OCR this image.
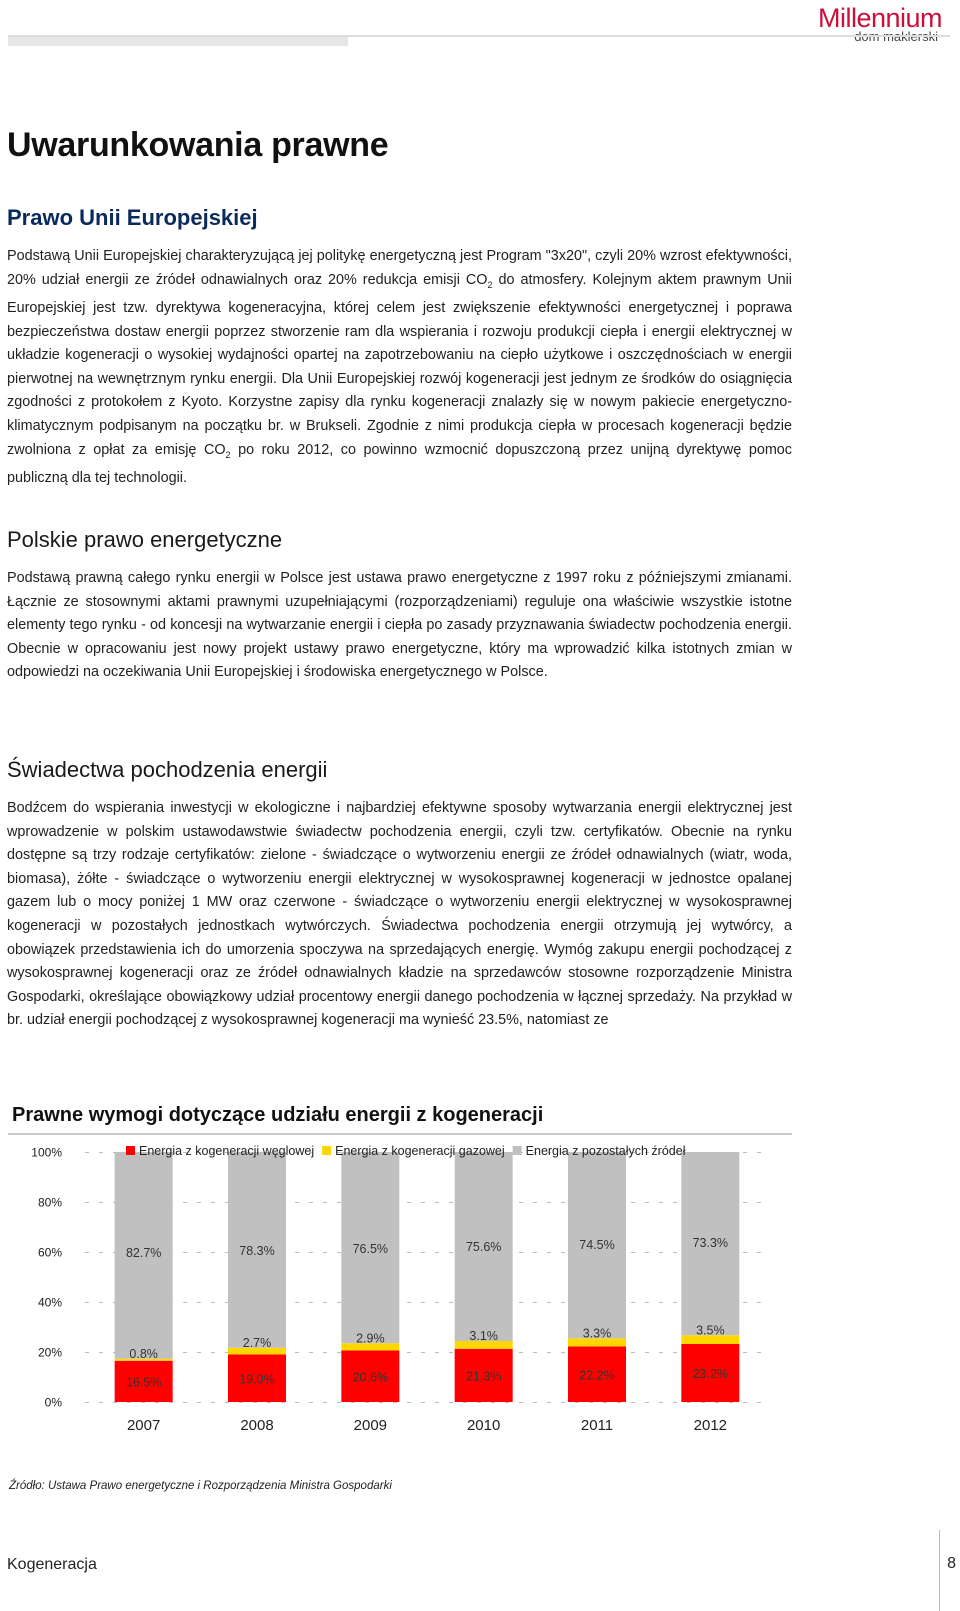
Millennium
Uwarunkowania prawne
Prawo Unii Europejskiej

Podstawą Unii Europejskiej charakteryzującą jej politykę energetyczną jest Program "3x20", czyli 20% wzrost efektywności, 20% udział energii ze źródeł odnawialnych oraz 20% redukcja emisji $CO_2$ do atmosfery. Kolejnym aktem prawnym Unii Europejskiej jest tzw. dyrektywa kogeneracyjna, której celem jest zwiększenie efektywności energetycznej i poprawa bezpieczeństwa dostaw energii poprzez stworzenie ram dla wspierania i rozwoju produkcji ciepła i energii elektrycznej w układzie kogeneracji o wysokiej wydajności opartej na zapotrzebowaniu na ciepło użytkowe i oszczędnościach w energii pierwotnej na wewnętrznym rynku energii. Dla Unii Europejskiej rozwój kogeneracji jest jednym ze środków do osiągnięcia zgodności z protokołem z Kyoto. Korzystne zapisy dla rynku kogeneracji znalazły się w nowym pakiecie energetyczno-klimatycznym podpisanym na początku br. w Brukseli. Zgodnie z nimi produkcja ciepła w procesach kogeneracji będzie zwolniona z opłat za emisję $CO_2$ po roku 2012, co powinno wzmocnić dopuszczoną przez unijną dyrektywę pomoc publiczną dla tej technologii.

Polskie prawo energetyczne

Podstawą prawną całego rynku energii w Polsce jest ustawa prawo energetyczne z 1997 roku z późniejszymi zmianami. Łącznie ze stosownymi aktami prawnymi uzupełniającymi (rozporządzeniami) reguluje ona właściwie wszystkie istotne elementy tego rynku - od koncesji na wytwarzanie energii i ciepła po zasady przyznawania świadectw pochodzenia energii. Obecnie w opracowaniu jest nowy projekt ustawy prawo energetyczne, który ma wprowadzić kilka istotnych zmian w odpowiedzi na oczekiwania Unii Europejskiej i środowiska energetycznego w Polsce.

Świadectwa pochodzenia energii

Bodźcem do wspierania inwestycji w ekologiczne i najbardziej efektywne sposoby wytwarzania energii elektrycznej jest wprowadzenie w polskim ustawodawstwie świadectw pochodzenia energii, czyli tzw. certyfikatów. Obecnie na rynku dostępne są trzy rodzaje certyfikatów: zielone - świadczące o wytworzeniu energii ze źródeł odnawialnych (wiatr, woda, biomasa), żółte - świadczące o wytworzeniu energii elektrycznej w wysokosprawnej kogeneracji w jednostce opalanej gazem lub o mocy poniżej 1 MW oraz czerwone - świadczące o wytworzeniu energii elektrycznej w wysokosprawnej kogeneracji w pozostałych jednostkach wytwórczych. Świadectwa pochodzenia energii otrzymują jej wytwórcy, a obowiązek przedstawienia ich do umorzenia spoczywa na sprzedających energię. Wymóg zakupu energii pochodzącej z wysokosprawnej kogeneracji oraz ze źródeł odnawialnych kładzie na sprzedawców stosowne rozporządzenie Ministra Gospodarki, określające obowiązkowy udział procentowy energii danego pochodzenia w łącznej sprzedaży. Na przykład w br. udział energii pochodzącej z wysokosprawnej kogeneracji ma wynieść 23.5%, natomiast ze

Prawne wymogi dotyczące udziału energii z kogeneracji
0%
20%
40%
60%
80%
100%
16.5%
0.8%
82.7%
2007
19.0%
2.7%
78.3%
2008
20.6%
2.9%
76.5%
2009
21.3%
3.1%
75.6%
2010
22.2%
3.3%
74.5%
2011
23.2%
3.5%
73.3%
2012
Energia z kogeneracji węglowej Energia z kogeneracji gazowej Energia z pozostałych źródeł
Źródło: Ustawa Prawo energetyczne i Rozporządzenia Ministra Gospodarki
Kogeneracja	8
